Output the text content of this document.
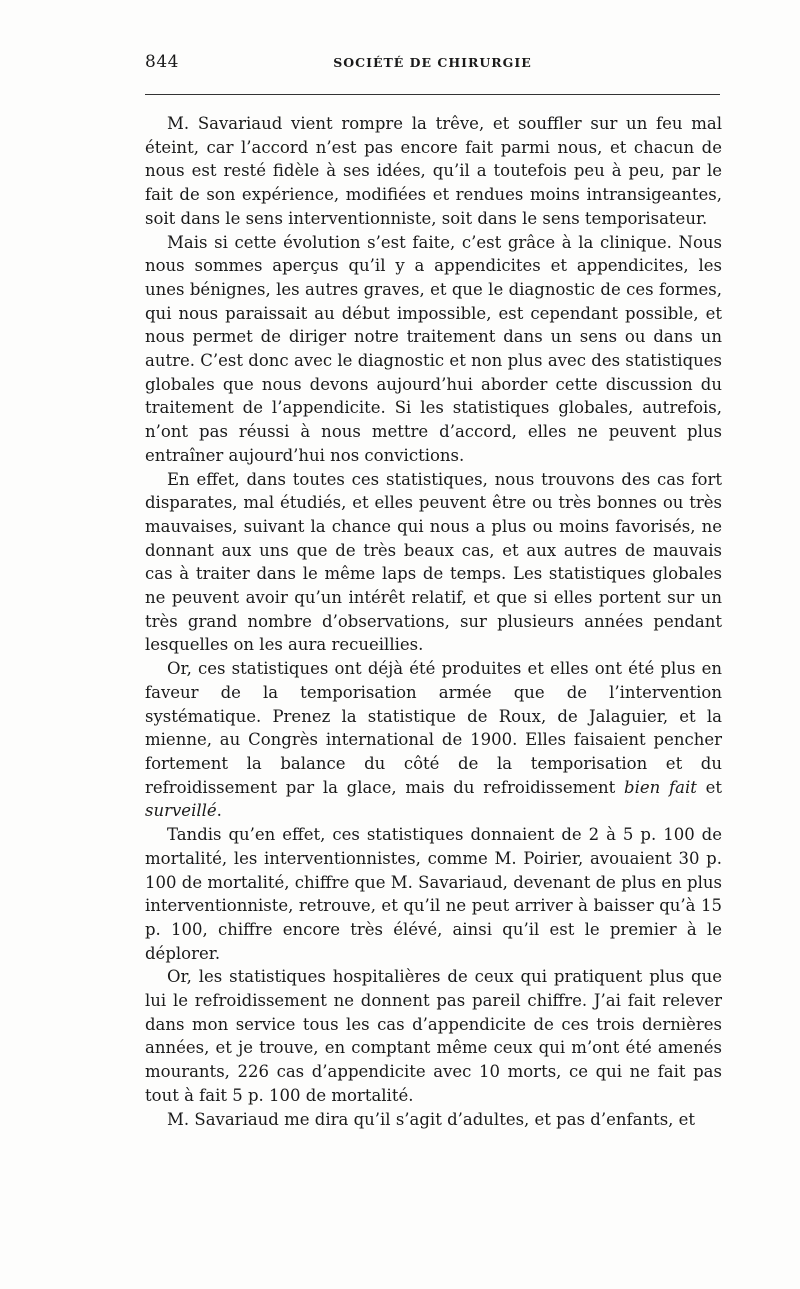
844	SOCIÉTÉ DE CHIRURGIE

M. Savariaud vient rompre la trêve, et souffler sur un feu mal éteint, car l’accord n’est pas encore fait parmi nous, et chacun de nous est resté fidèle à ses idées, qu’il a toutefois peu à peu, par le fait de son expérience, modifiées et rendues moins intransigeantes, soit dans le sens interventionniste, soit dans le sens temporisateur.

Mais si cette évolution s’est faite, c’est grâce à la clinique. Nous nous sommes aperçus qu’il y a appendicites et appendicites, les unes bénignes, les autres graves, et que le diagnostic de ces formes, qui nous paraissait au début impossible, est cependant possible, et nous permet de diriger notre traitement dans un sens ou dans un autre. C’est donc avec le diagnostic et non plus avec des statistiques globales que nous devons aujourd’hui aborder cette discussion du traitement de l’appendicite. Si les statistiques globales, autrefois, n’ont pas réussi à nous mettre d’accord, elles ne peuvent plus entraîner aujourd’hui nos convictions.

En effet, dans toutes ces statistiques, nous trouvons des cas fort disparates, mal étudiés, et elles peuvent être ou très bonnes ou très mauvaises, suivant la chance qui nous a plus ou moins favorisés, ne donnant aux uns que de très beaux cas, et aux autres de mauvais cas à traiter dans le même laps de temps. Les statistiques globales ne peuvent avoir qu’un intérêt relatif, et que si elles portent sur un très grand nombre d’observations, sur plusieurs années pendant lesquelles on les aura recueillies.

Or, ces statistiques ont déjà été produites et elles ont été plus en faveur de la temporisation armée que de l’intervention systématique. Prenez la statistique de Roux, de Jalaguier, et la mienne, au Congrès international de 1900. Elles faisaient pencher fortement la balance du côté de la temporisation et du refroidissement par la glace, mais du refroidissement bien fait et surveillé.

Tandis qu’en effet, ces statistiques donnaient de 2 à 5 p. 100 de mortalité, les interventionnistes, comme M. Poirier, avouaient 30 p. 100 de mortalité, chiffre que M. Savariaud, devenant de plus en plus interventionniste, retrouve, et qu’il ne peut arriver à baisser qu’à 15 p. 100, chiffre encore très élévé, ainsi qu’il est le premier à le déplorer.

Or, les statistiques hospitalières de ceux qui pratiquent plus que lui le refroidissement ne donnent pas pareil chiffre. J’ai fait relever dans mon service tous les cas d’appendicite de ces trois dernières années, et je trouve, en comptant même ceux qui m’ont été amenés mourants, 226 cas d’appendicite avec 10 morts, ce qui ne fait pas tout à fait 5 p. 100 de mortalité.

M. Savariaud me dira qu’il s’agit d’adultes, et pas d’enfants, et
